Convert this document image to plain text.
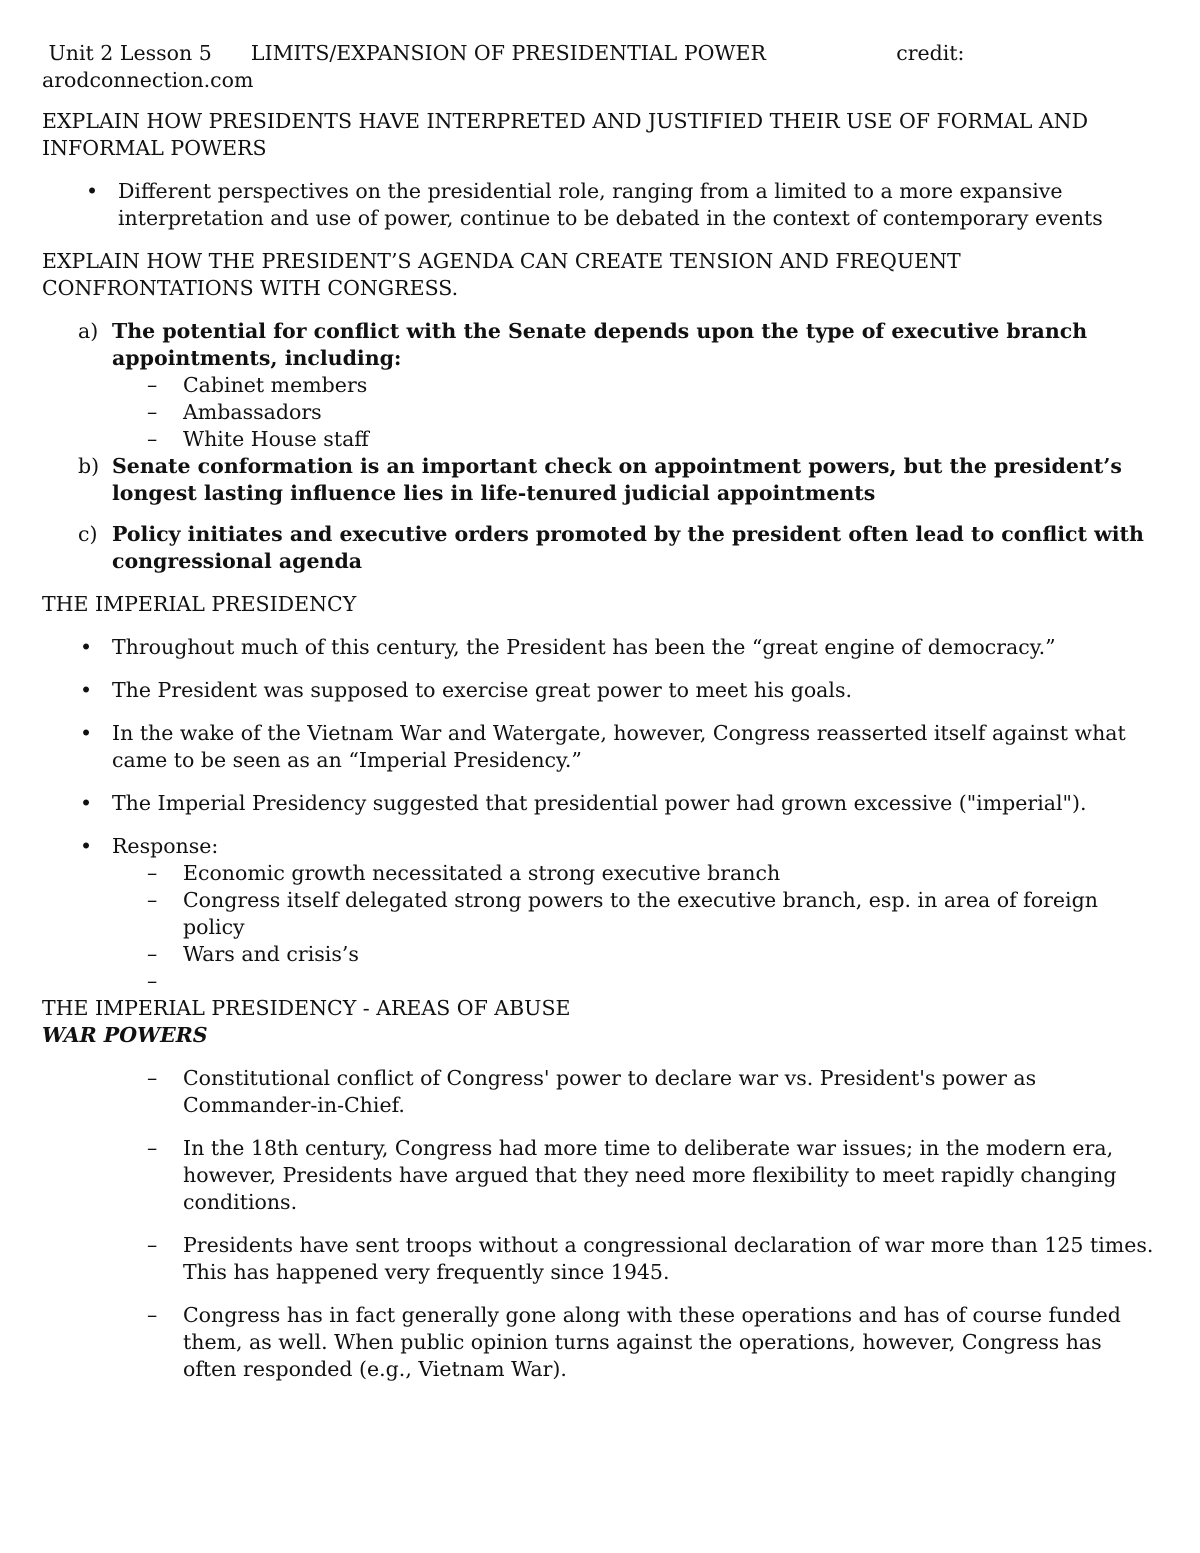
Unit 2 Lesson 5      LIMITS/EXPANSION OF PRESIDENTIAL POWER                    credit:
arodconnection.com
EXPLAIN HOW PRESIDENTS HAVE INTERPRETED AND JUSTIFIED THEIR USE OF FORMAL AND INFORMAL POWERS
• Different perspectives on the presidential role, ranging from a limited to a more expansive interpretation and use of power, continue to be debated in the context of contemporary events
EXPLAIN HOW THE PRESIDENT’S AGENDA CAN CREATE TENSION AND FREQUENT CONFRONTATIONS WITH CONGRESS.
a) The potential for conflict with the Senate depends upon the type of executive branch appointments, including:
– Cabinet members
– Ambassadors
– White House staff
b) Senate conformation is an important check on appointment powers, but the president’s longest lasting influence lies in life-tenured judicial appointments
c) Policy initiates and executive orders promoted by the president often lead to conflict with congressional agenda
THE IMPERIAL PRESIDENCY
• Throughout much of this century, the President has been the “great engine of democracy.”
• The President was supposed to exercise great power to meet his goals.
• In the wake of the Vietnam War and Watergate, however, Congress reasserted itself against what came to be seen as an “Imperial Presidency.”
• The Imperial Presidency suggested that presidential power had grown excessive ("imperial").
• Response:
– Economic growth necessitated a strong executive branch
– Congress itself delegated strong powers to the executive branch, esp. in area of foreign policy
– Wars and crisis’s
–
THE IMPERIAL PRESIDENCY - AREAS OF ABUSE
WAR POWERS
– Constitutional conflict of Congress' power to declare war vs. President's power as Commander-in-Chief.
– In the 18th century, Congress had more time to deliberate war issues; in the modern era, however, Presidents have argued that they need more flexibility to meet rapidly changing conditions.
– Presidents have sent troops without a congressional declaration of war more than 125 times. This has happened very frequently since 1945.
– Congress has in fact generally gone along with these operations and has of course funded them, as well. When public opinion turns against the operations, however, Congress has often responded (e.g., Vietnam War).
